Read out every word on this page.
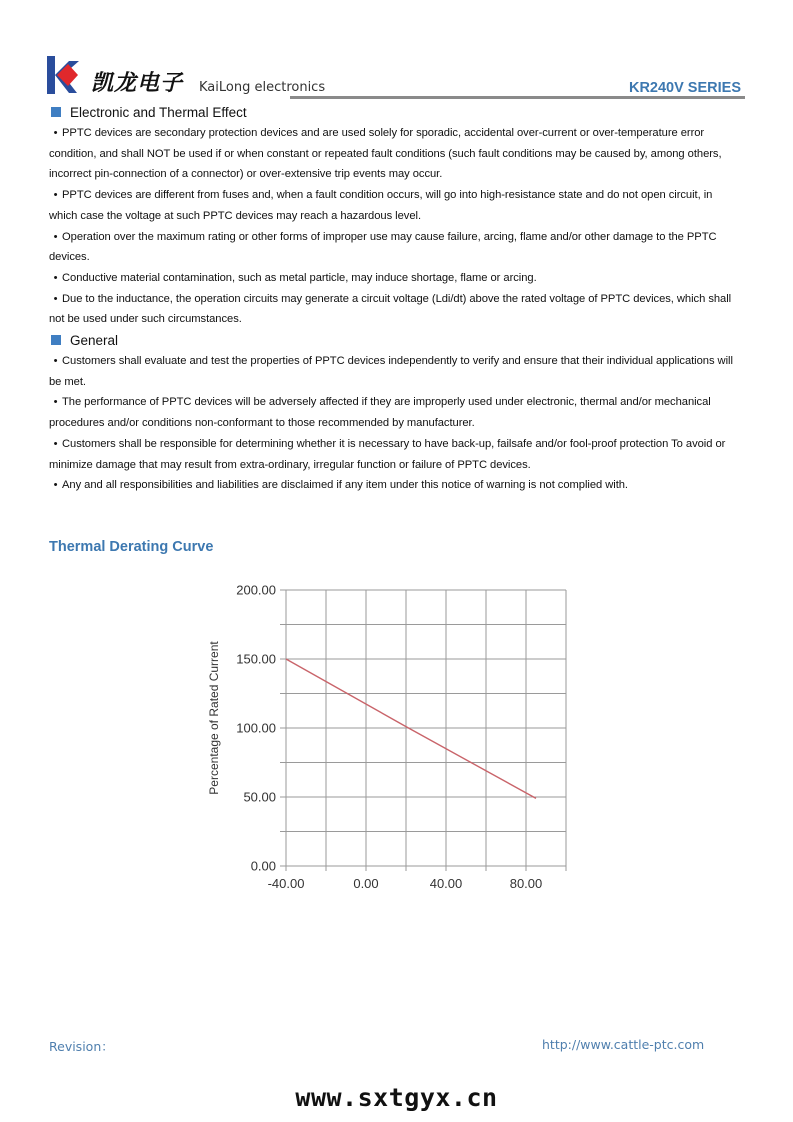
凯龙电子 KaiLong electronics	KR240V SERIES
Electronic and Thermal Effect

• PPTC devices are secondary protection devices and are used solely for sporadic, accidental over-current or over-temperature error condition, and shall NOT be used if or when constant or repeated fault conditions (such fault conditions may be caused by, among others, incorrect pin-connection of a connector) or over-extensive trip events may occur.

• PPTC devices are different from fuses and, when a fault condition occurs, will go into high-resistance state and do not open circuit, in which case the voltage at such PPTC devices may reach a hazardous level.

• Operation over the maximum rating or other forms of improper use may cause failure, arcing, flame and/or other damage to the PPTC devices.

• Conductive material contamination, such as metal particle, may induce shortage, flame or arcing.

• Due to the inductance, the operation circuits may generate a circuit voltage (Ldi/dt) above the rated voltage of PPTC devices, which shall not be used under such circumstances.

General

• Customers shall evaluate and test the properties of PPTC devices independently to verify and ensure that their individual applications will be met.

• The performance of PPTC devices will be adversely affected if they are improperly used under electronic, thermal and/or mechanical procedures and/or conditions non-conformant to those recommended by manufacturer.

• Customers shall be responsible for determining whether it is necessary to have back-up, failsafe and/or fool-proof protection To avoid or minimize damage that may result from extra-ordinary, irregular function or failure of PPTC devices.

• Any and all responsibilities and liabilities are disclaimed if any item under this notice of warning is not complied with.

Thermal Derating Curve
0.00
50.00
100.00
150.00
200.00
-40.00	0.00	40.00	80.00
Percentage of Rated Current
Revision：	http://www.cattle-ptc.com
www.sxtgyx.cn
